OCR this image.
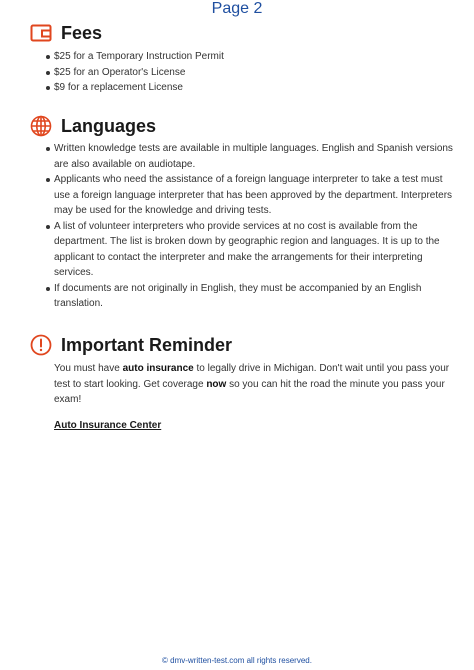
Fees
$25 for a Temporary Instruction Permit
$25 for an Operator's License
$9 for a replacement License
Languages
Written knowledge tests are available in multiple languages. English and Spanish versions are also available on audiotape.
Applicants who need the assistance of a foreign language interpreter to take a test must use a foreign language interpreter that has been approved by the department. Interpreters may be used for the knowledge and driving tests.
A list of volunteer interpreters who provide services at no cost is available from the department. The list is broken down by geographic region and languages. It is up to the applicant to contact the interpreter and make the arrangements for their interpreting services.
If documents are not originally in English, they must be accompanied by an English translation.
Important Reminder
You must have auto insurance to legally drive in Michigan. Don't wait until you pass your test to start looking. Get coverage now so you can hit the road the minute you pass your exam!
Auto Insurance Center
Page 2
© dmv-written-test.com all rights reserved.
